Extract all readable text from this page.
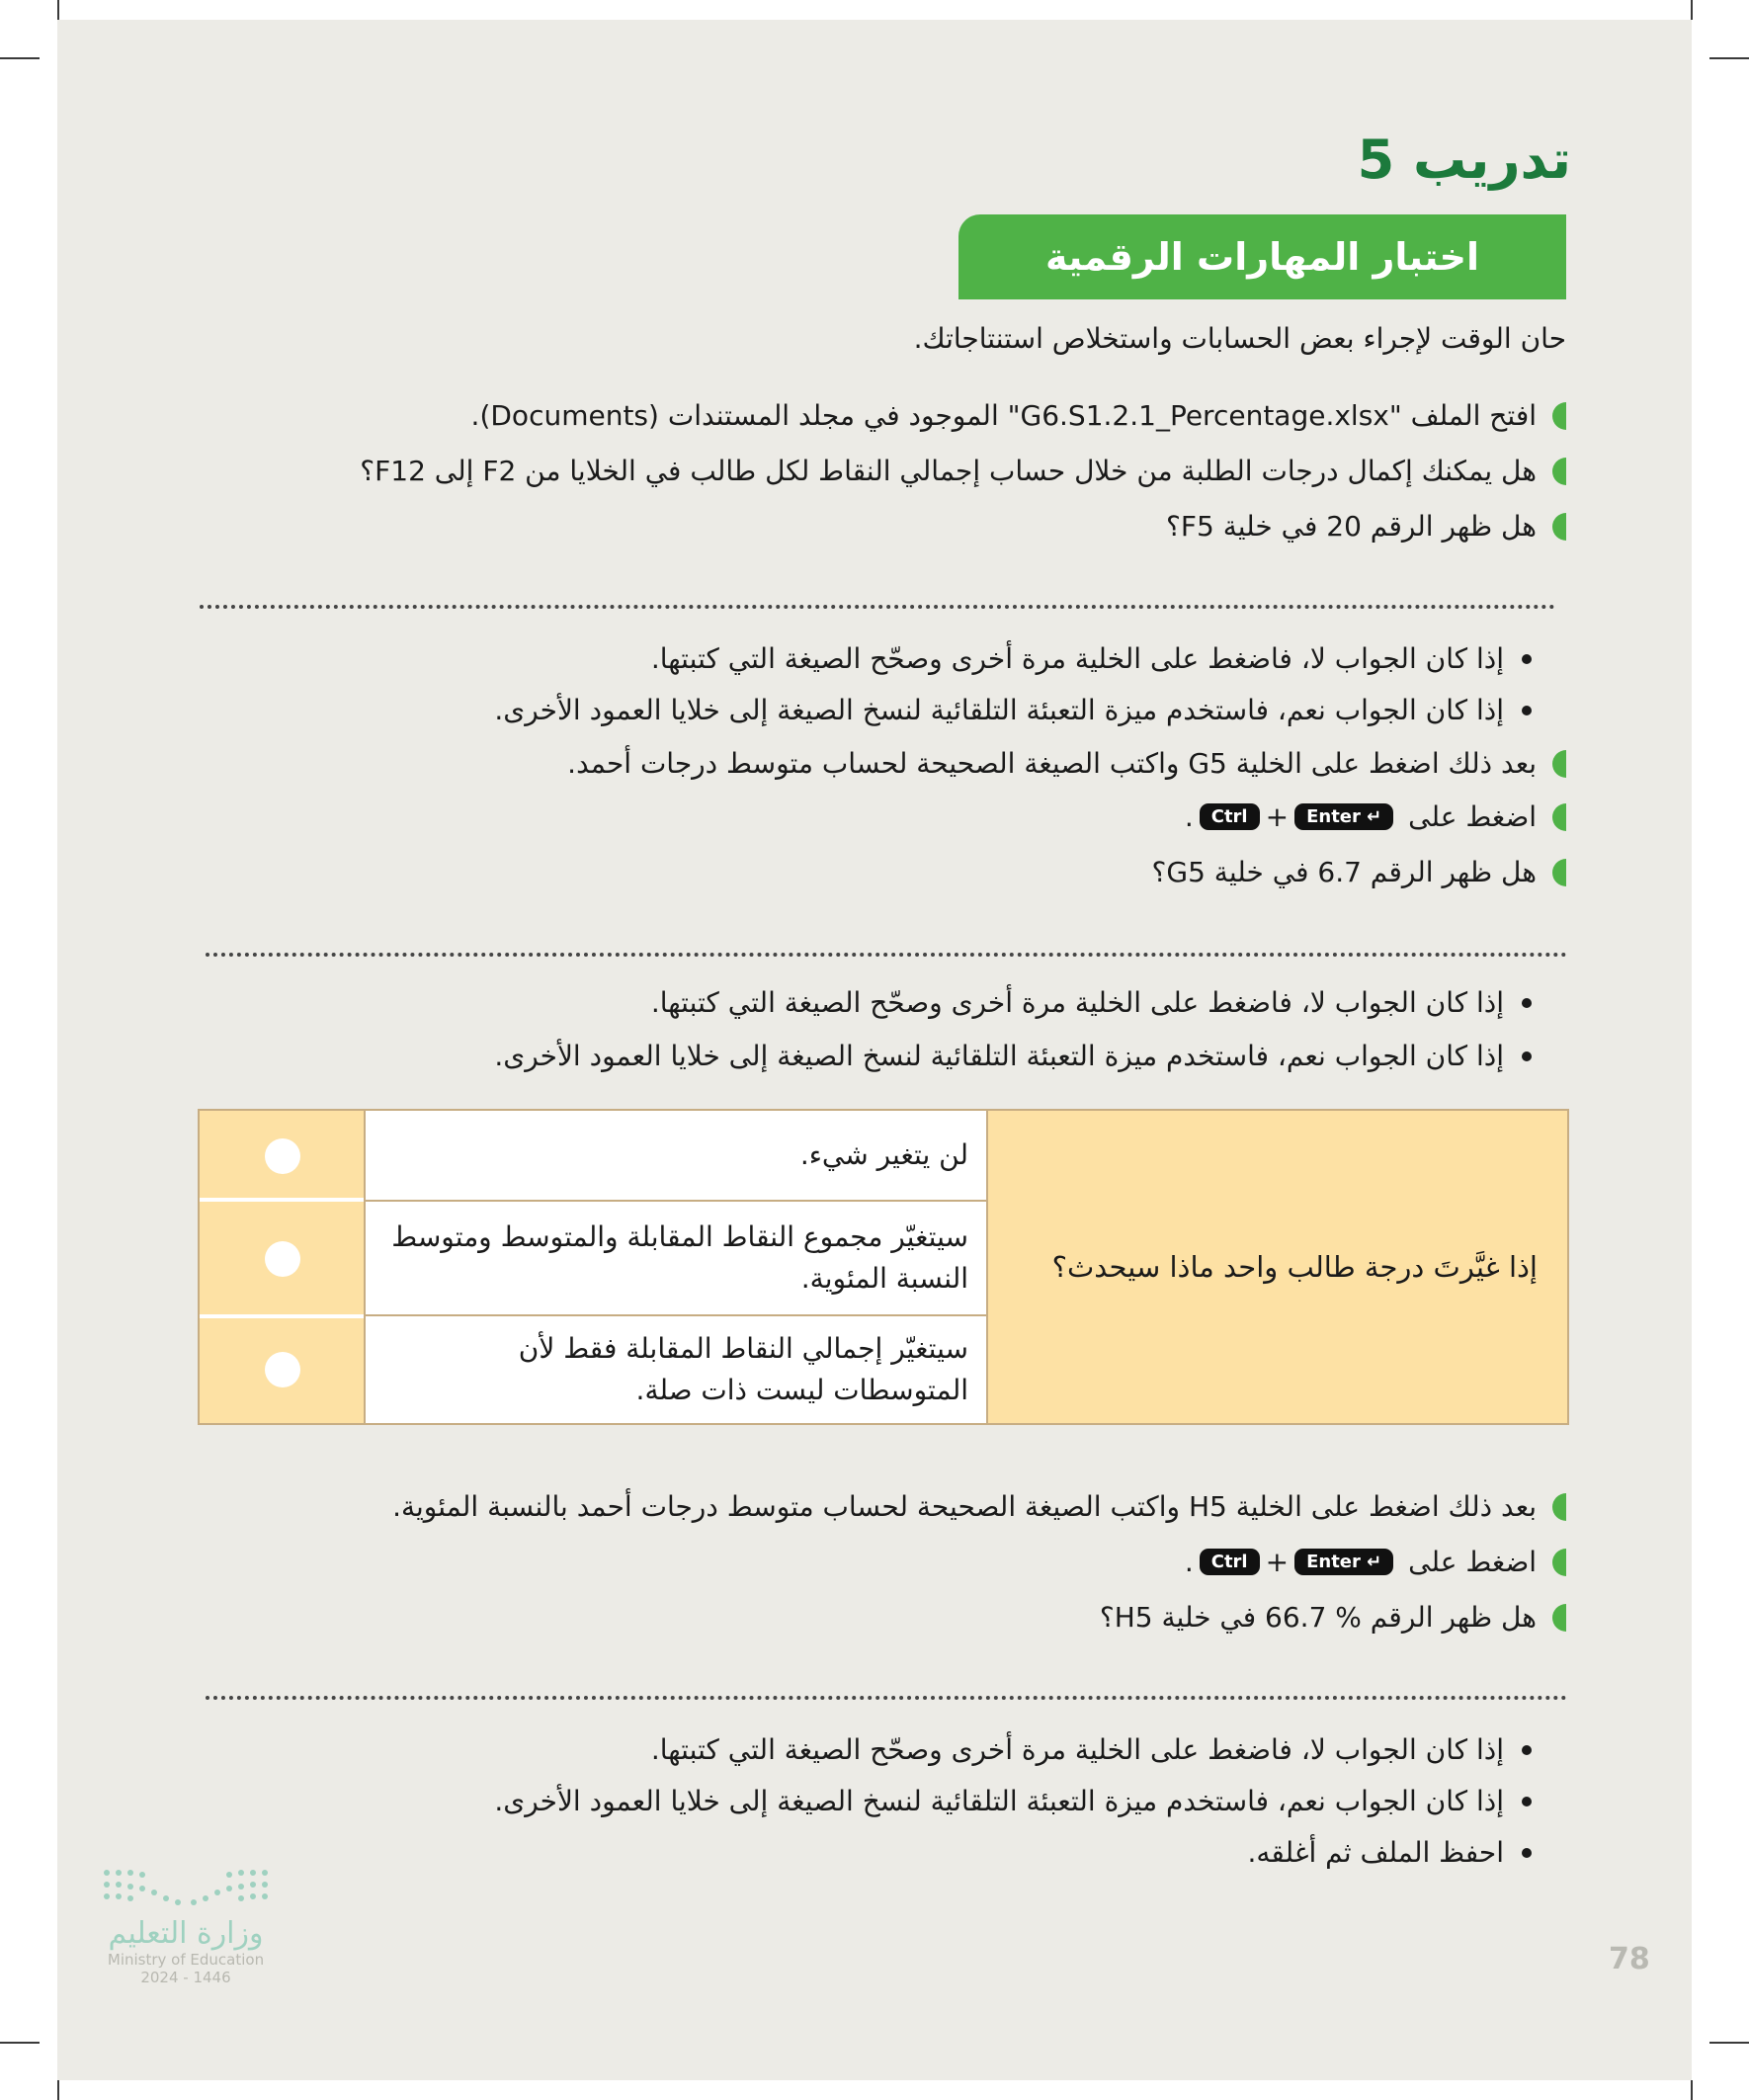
تدريب 5
اختبار المهارات الرقمية
حان الوقت لإجراء بعض الحسابات واستخلاص استنتاجاتك.
افتح الملف "G6.S1.2.1_Percentage.xlsx" الموجود في مجلد المستندات (Documents).
هل يمكنك إكمال درجات الطلبة من خلال حساب إجمالي النقاط لكل طالب في الخلايا من F2 إلى F12؟
هل ظهر الرقم 20 في خلية F5؟
إذا كان الجواب لا، فاضغط على الخلية مرة أخرى وصحّح الصيغة التي كتبتها.
إذا كان الجواب نعم، فاستخدم ميزة التعبئة التلقائية لنسخ الصيغة إلى خلايا العمود الأخرى.
بعد ذلك اضغط على الخلية G5 واكتب الصيغة الصحيحة لحساب متوسط درجات أحمد.
اضغط على

Enter ↵
+
Ctrl
.
هل ظهر الرقم 6.7 في خلية G5؟
إذا كان الجواب لا، فاضغط على الخلية مرة أخرى وصحّح الصيغة التي كتبتها.
إذا كان الجواب نعم، فاستخدم ميزة التعبئة التلقائية لنسخ الصيغة إلى خلايا العمود الأخرى.
إذا غيَّرتَ درجة طالب واحد ماذا سيحدث؟
لن يتغير شيء.
سيتغيّر مجموع النقاط المقابلة والمتوسط ومتوسط النسبة المئوية.
سيتغيّر إجمالي النقاط المقابلة فقط لأن المتوسطات ليست ذات صلة.
بعد ذلك اضغط على الخلية H5 واكتب الصيغة الصحيحة لحساب متوسط درجات أحمد بالنسبة المئوية.
اضغط على

Enter ↵
+
Ctrl
.
هل ظهر الرقم % 66.7 في خلية H5؟
إذا كان الجواب لا، فاضغط على الخلية مرة أخرى وصحّح الصيغة التي كتبتها.
إذا كان الجواب نعم، فاستخدم ميزة التعبئة التلقائية لنسخ الصيغة إلى خلايا العمود الأخرى.
احفظ الملف ثم أغلقه.
وزارة التعليم
Ministry of Education
2024 - 1446
78
